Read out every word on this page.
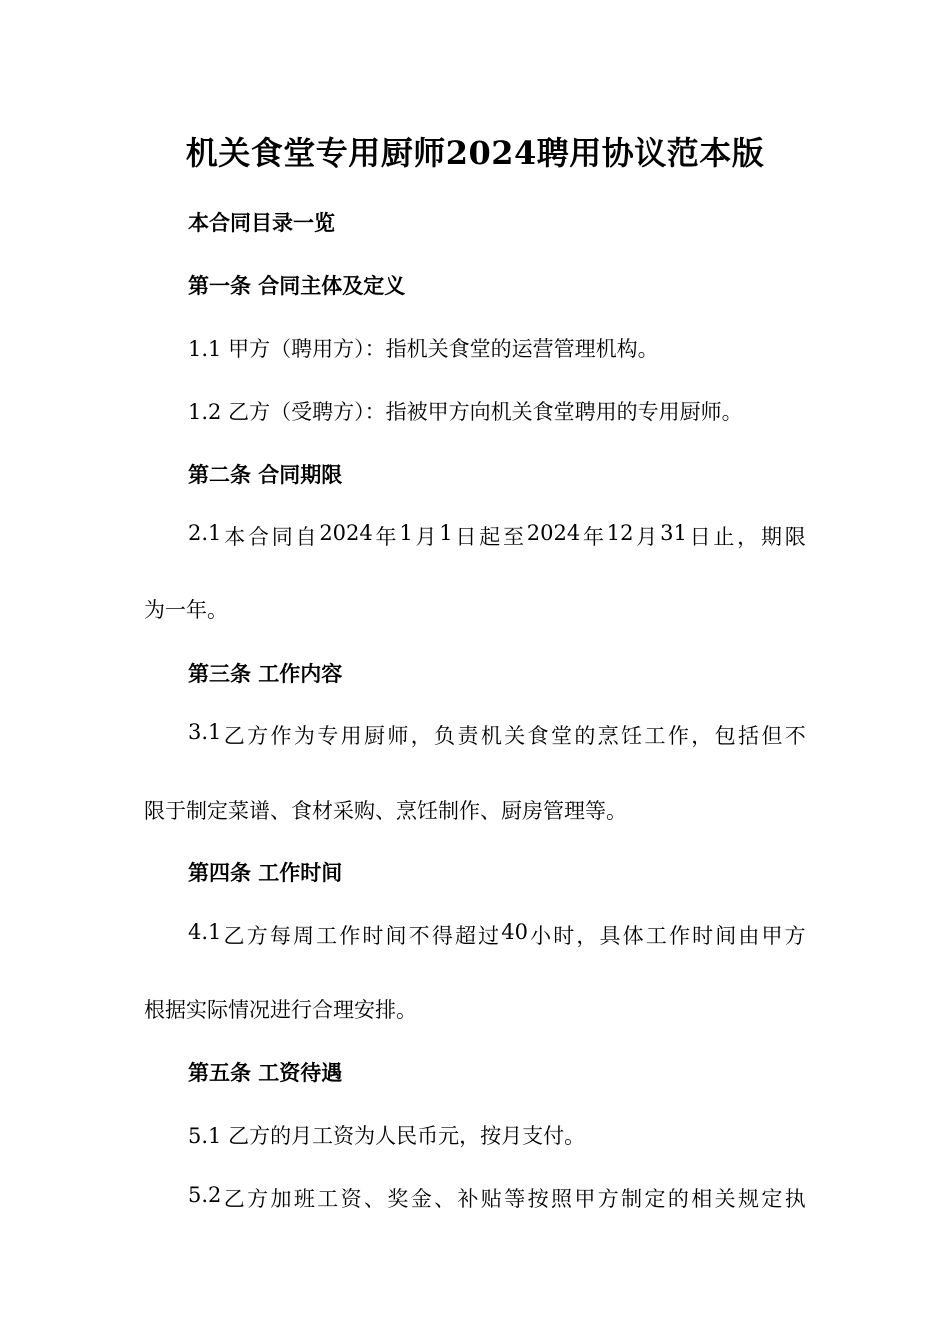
机关食堂专用厨师2024聘用协议范本版
本合同目录一览
第一条 合同主体及定义
1.1 甲方（聘用方）：指机关食堂的运营管理机构。
1.2 乙方（受聘方）：指被甲方向机关食堂聘用的专用厨师。
第二条 合同期限
2.1 本 合 同 自 2024 年 1 月 1 日 起 至 2024 年 12 月 31 日 止 ， 期 限
为一年。
第三条 工作内容
3.1 乙 方 作 为 专 用 厨 师 ， 负 责 机 关 食 堂 的 烹 饪 工 作 ， 包 括 但 不
限于制定菜谱、食材采购、烹饪制作、厨房管理等。
第四条 工作时间
4.1 乙 方 每 周 工 作 时 间 不 得 超 过 40 小 时 ， 具 体 工 作 时 间 由 甲 方
根据实际情况进行合理安排。
第五条 工资待遇
5.1 乙方的月工资为人民币元，按月支付。
5.2 乙 方 加 班 工 资 、 奖 金 、 补 贴 等 按 照 甲 方 制 定 的 相 关 规 定 执
